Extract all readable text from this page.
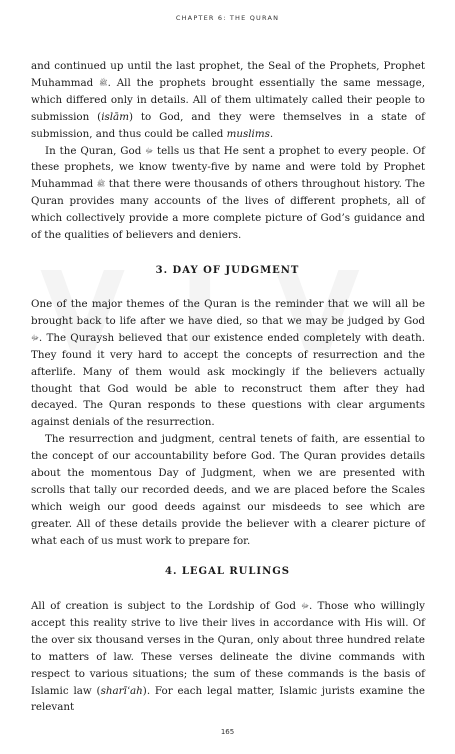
CHAPTER 6: THE QURAN

and continued up until the last prophet, the Seal of the Prophets, Prophet Muhammad ﷺ. All the prophets brought essentially the same message, which differed only in details. All of them ultimately called their people to submission (islām) to God, and they were themselves in a state of submission, and thus could be called muslims.

In the Quran, God ﷻ tells us that He sent a prophet to every people. Of these prophets, we know twenty-five by name and were told by Prophet Muhammad ﷺ that there were thousands of others throughout history. The Quran provides many accounts of the lives of different prophets, all of which collectively provide a more complete picture of God’s guidance and of the qualities of believers and deniers.

3. DAY OF JUDGMENT

One of the major themes of the Quran is the reminder that we will all be brought back to life after we have died, so that we may be judged by God ﷻ. The Quraysh believed that our existence ended completely with death. They found it very hard to accept the concepts of resurrection and the afterlife. Many of them would ask mockingly if the believers actually thought that God would be able to reconstruct them after they had decayed. The Quran responds to these questions with clear arguments against denials of the resurrection.

The resurrection and judgment, central tenets of faith, are essential to the concept of our accountability before God. The Quran provides details about the momentous Day of Judgment, when we are presented with scrolls that tally our recorded deeds, and we are placed before the Scales which weigh our good deeds against our misdeeds to see which are greater. All of these details provide the believer with a clearer picture of what each of us must work to prepare for.

4. LEGAL RULINGS

All of creation is subject to the Lordship of God ﷻ. Those who willingly accept this reality strive to live their lives in accordance with His will. Of the over six thousand verses in the Quran, only about three hundred relate to matters of law. These verses delineate the divine commands with respect to various situations; the sum of these commands is the basis of Islamic law (sharīʿah). For each legal matter, Islamic jurists examine the relevant

165
